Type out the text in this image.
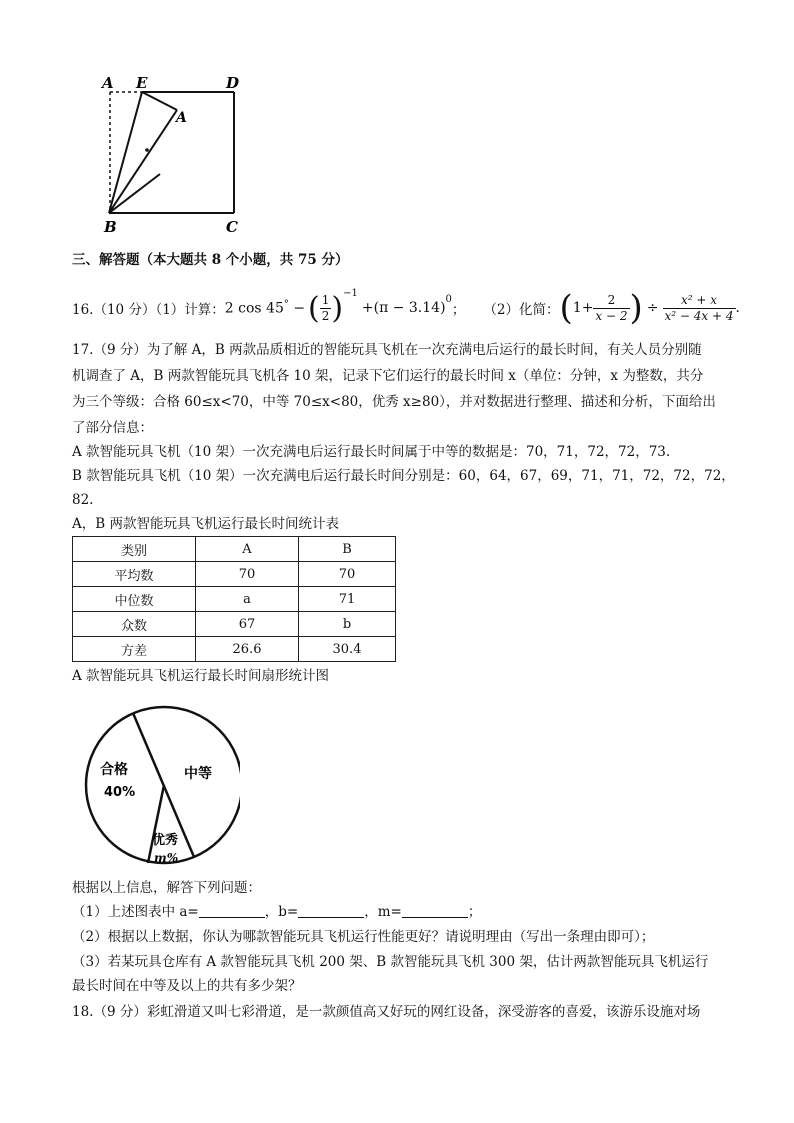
A E	D
A
B	C
三、解答题（本大题共 8 个小题，共 75 分）
16.（10 分）（1）计算： 2 cos 45° − ( $\frac{1}{2} )^{-1}$
+(π − 3.14)
$^0$
； （2）化简： ( $1+ \frac{2}{x - 2}$ ) ÷ $\frac{\text{x² + x}}{\text{x² − 4x + 4}}$ .
17.（9 分）为了解 A，B 两款品质相近的智能玩具飞机在一次充满电后运行的最长时间，有关人员分别随
机调查了 A，B 两款智能玩具飞机各 10 架，记录下它们运行的最长时间 x（单位：分钟，x 为整数，共分
为三个等级：合格 60≤x<70，中等 70≤x<80，优秀 x≥80），并对数据进行整理、描述和分析，下面给出
了部分信息：
A 款智能玩具飞机（10 架）一次充满电后运行最长时间属于中等的数据是：70，71，72，72，73.
B 款智能玩具飞机（10 架）一次充满电后运行最长时间分别是：60，64，67，69，71，71，72，72，72，
82.
A，B 两款智能玩具飞机运行最长时间统计表
类别	A	B
平均数	70	70
中位数	a	71
众数	67	b
方差	26.6	30.4
A 款智能玩具飞机运行最长时间扇形统计图
合格
40%
中等
优秀
m%
根据以上信息，解答下列问题：
（1）上述图表中 a=	，b=	，m=	；
（2）根据以上数据，你认为哪款智能玩具飞机运行性能更好？请说明理由（写出一条理由即可）；
（3）若某玩具仓库有 A 款智能玩具飞机 200 架、B 款智能玩具飞机 300 架，估计两款智能玩具飞机运行
最长时间在中等及以上的共有多少架？
18.（9 分）彩虹滑道又叫七彩滑道，是一款颜值高又好玩的网红设备，深受游客的喜爱，该游乐设施对场
